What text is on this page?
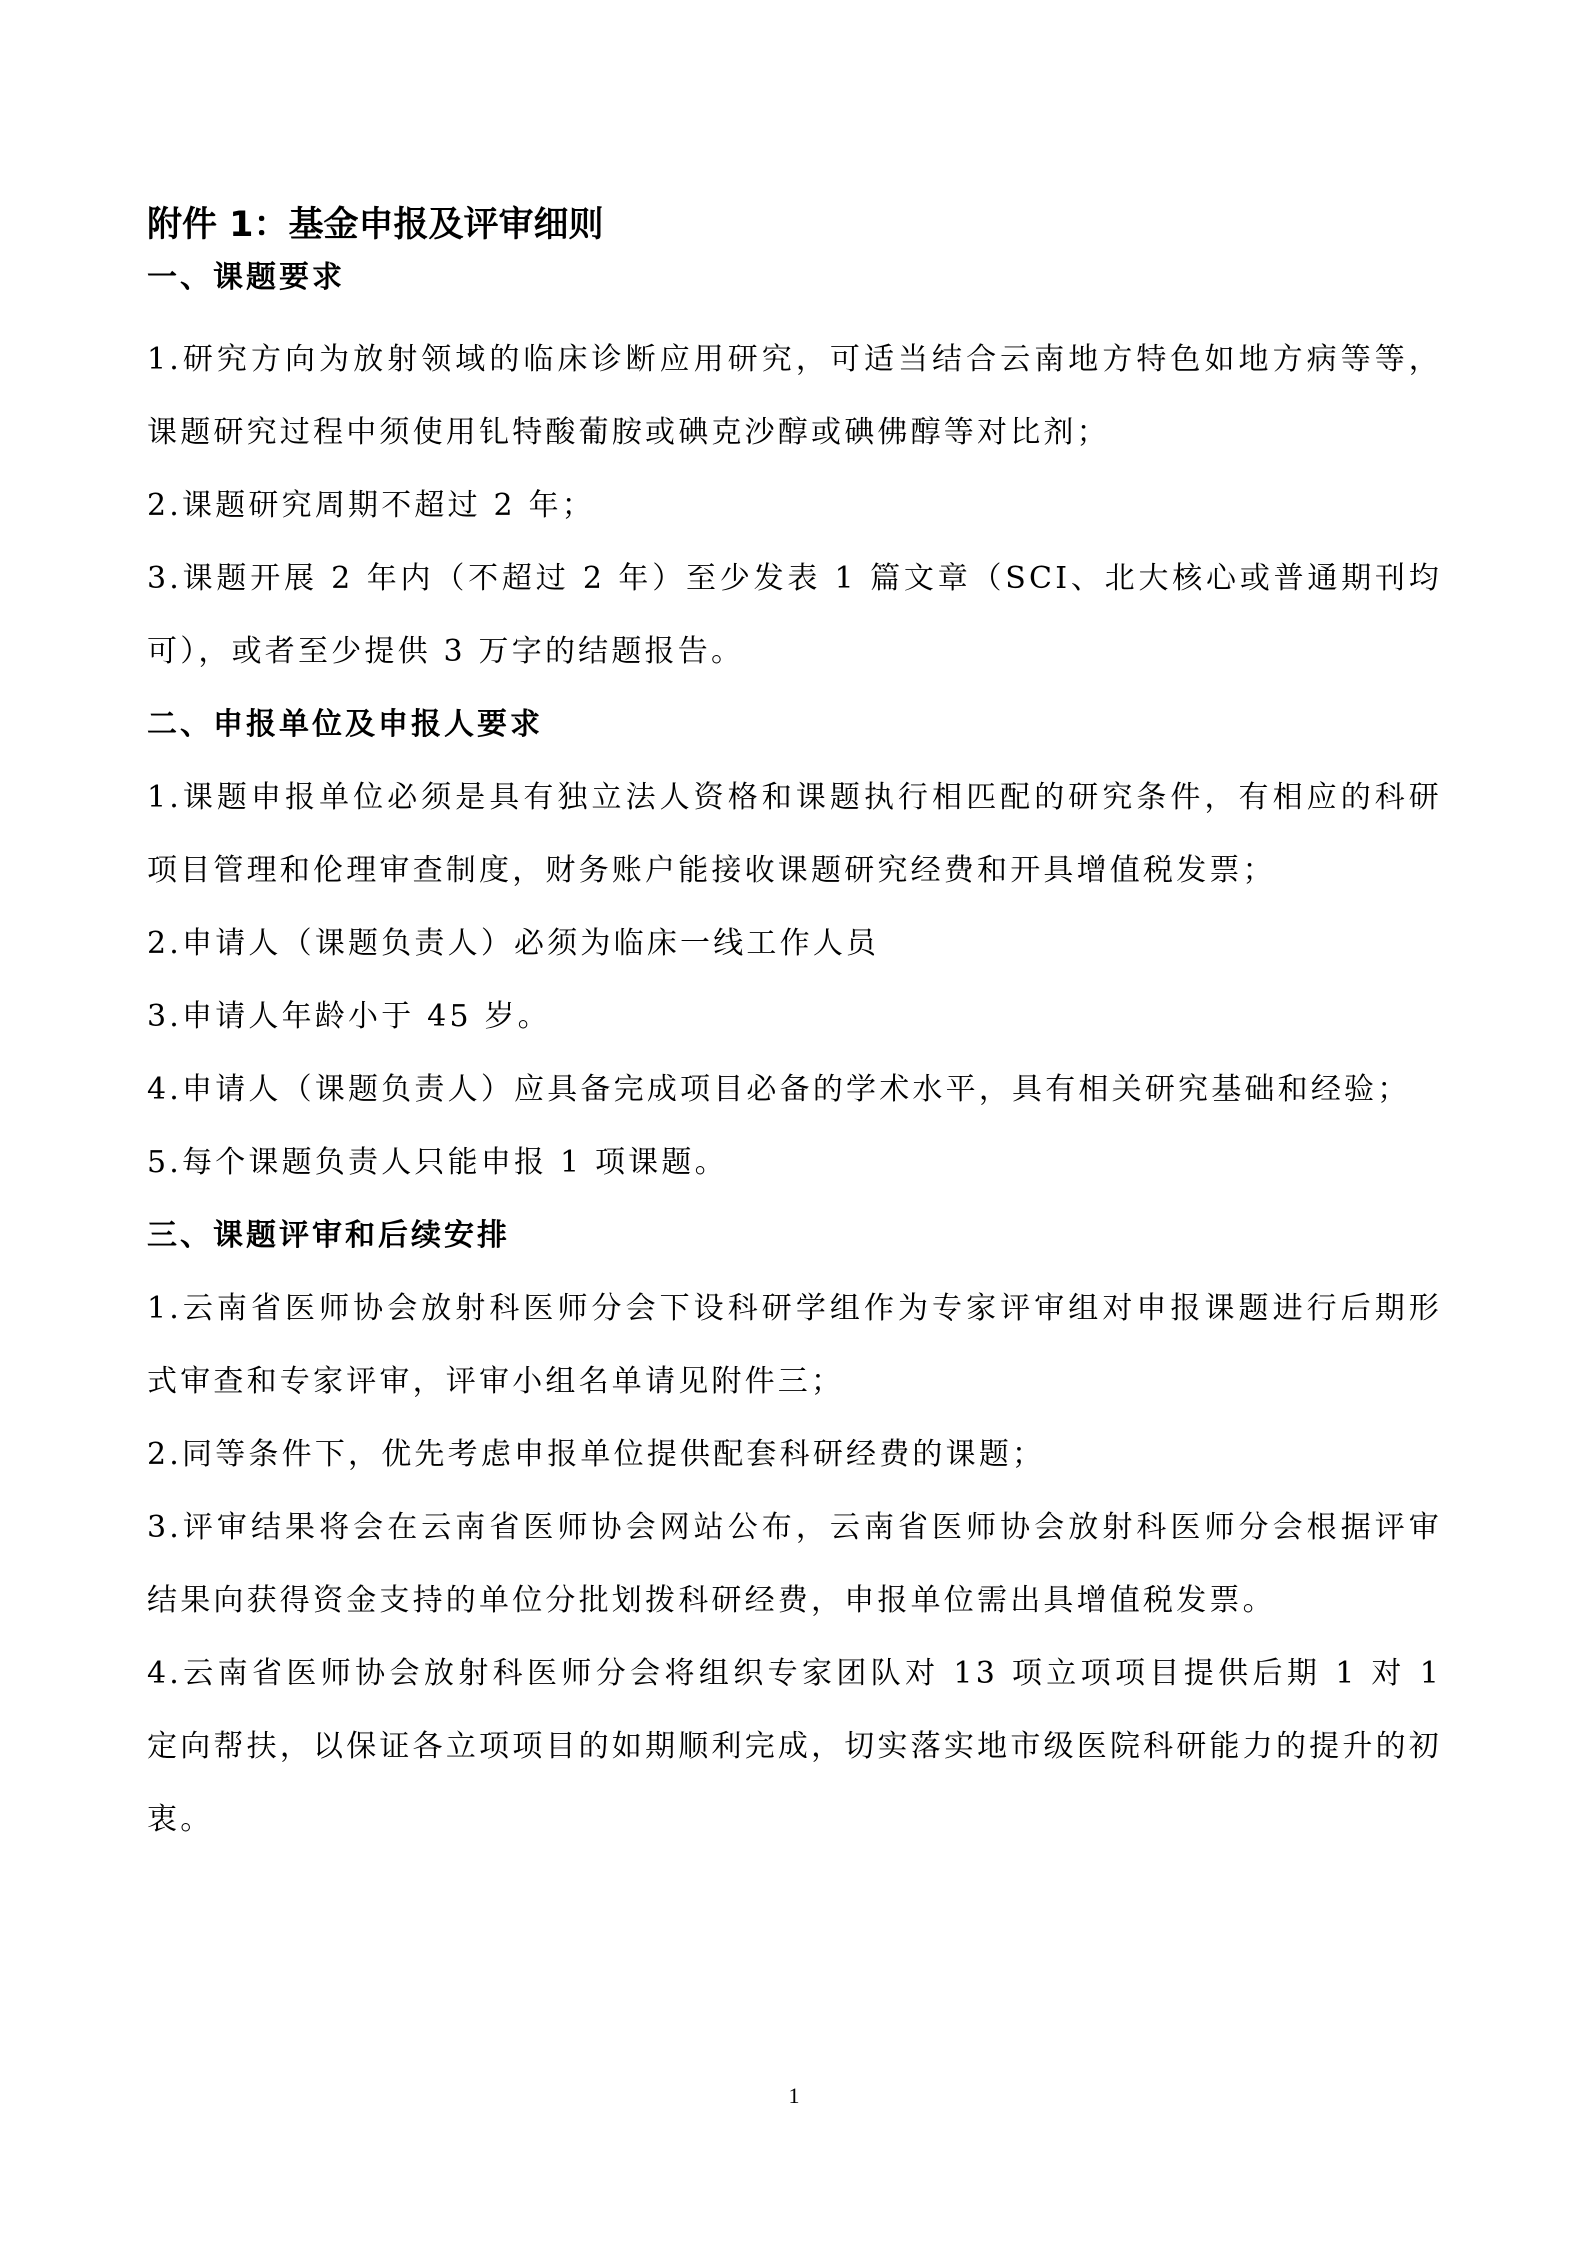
附件 1：基金申报及评审细则
一、课题要求

1.研究方向为放射领域的临床诊断应用研究，可适当结合云南地方特色如地方病等等，课题研究过程中须使用钆特酸葡胺或碘克沙醇或碘佛醇等对比剂；

2.课题研究周期不超过 2 年；

3.课题开展 2 年内（不超过 2 年）至少发表 1 篇文章（SCI、北大核心或普通期刊均可），或者至少提供 3 万字的结题报告。

二、申报单位及申报人要求

1.课题申报单位必须是具有独立法人资格和课题执行相匹配的研究条件，有相应的科研项目管理和伦理审查制度，财务账户能接收课题研究经费和开具增值税发票；

2.申请人（课题负责人）必须为临床一线工作人员

3.申请人年龄小于 45 岁。

4.申请人（课题负责人）应具备完成项目必备的学术水平，具有相关研究基础和经验；

5.每个课题负责人只能申报 1 项课题。

三、课题评审和后续安排

1.云南省医师协会放射科医师分会下设科研学组作为专家评审组对申报课题进行后期形式审查和专家评审，评审小组名单请见附件三；

2.同等条件下，优先考虑申报单位提供配套科研经费的课题；

3.评审结果将会在云南省医师协会网站公布，云南省医师协会放射科医师分会根据评审结果向获得资金支持的单位分批划拨科研经费，申报单位需出具增值税发票。

4.云南省医师协会放射科医师分会将组织专家团队对 13 项立项项目提供后期 1 对 1 定向帮扶，以保证各立项项目的如期顺利完成，切实落实地市级医院科研能力的提升的初衷。

1
